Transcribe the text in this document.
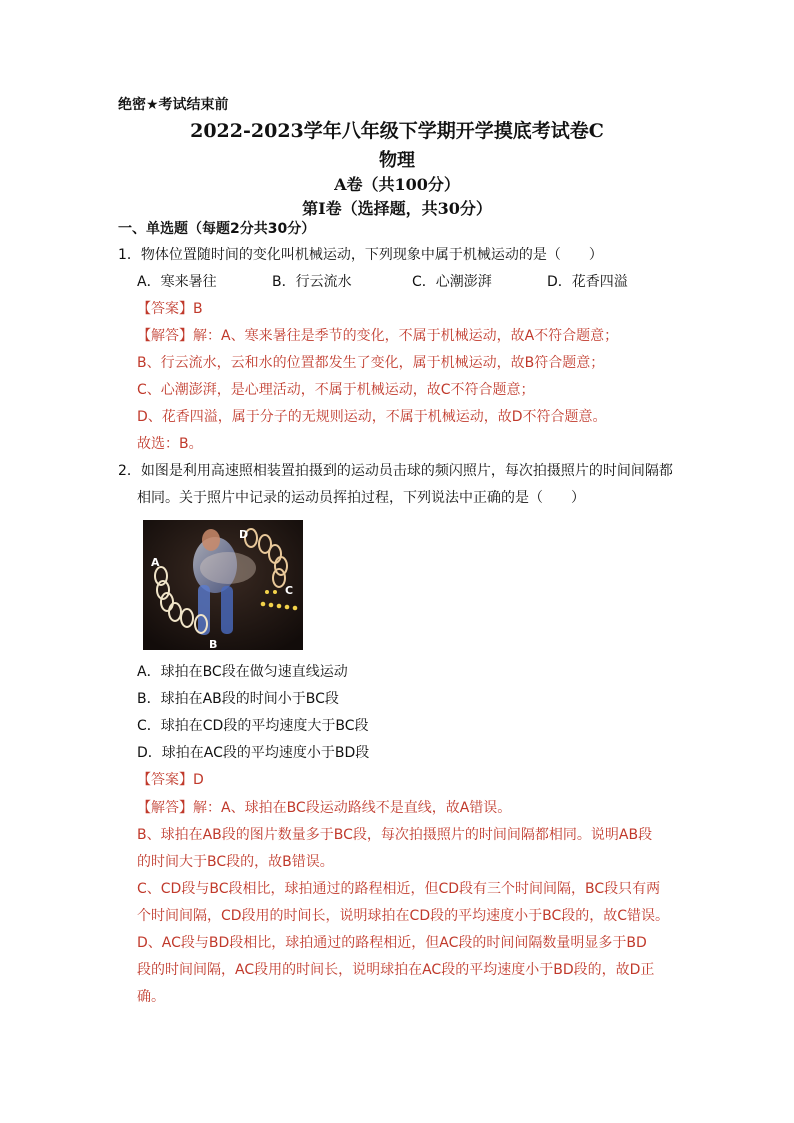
绝密★考试结束前
2022-2023学年八年级下学期开学摸底考试卷C
物理
A卷（共100分）
第Ⅰ卷（选择题，共30分）
一、单选题（每题2分共30分）
1．物体位置随时间的变化叫机械运动，下列现象中属于机械运动的是（　　）
A．寒来暑往	B．行云流水	C．心潮澎湃	D．花香四溢
【答案】B
【解答】解：A、寒来暑往是季节的变化，不属于机械运动，故A不符合题意；
B、行云流水，云和水的位置都发生了变化，属于机械运动，故B符合题意；
C、心潮澎湃，是心理活动，不属于机械运动，故C不符合题意；
D、花香四溢，属于分子的无规则运动，不属于机械运动，故D不符合题意。
故选：B。
2．如图是利用高速照相装置拍摄到的运动员击球的频闪照片，每次拍摄照片的时间间隔都
相同。关于照片中记录的运动员挥拍过程，下列说法中正确的是（　　）
A
B
C
D
A．球拍在BC段在做匀速直线运动
B．球拍在AB段的时间小于BC段
C．球拍在CD段的平均速度大于BC段
D．球拍在AC段的平均速度小于BD段
【答案】D
【解答】解：A、球拍在BC段运动路线不是直线，故A错误。
B、球拍在AB段的图片数量多于BC段，每次拍摄照片的时间间隔都相同。说明AB段
的时间大于BC段的，故B错误。
C、CD段与BC段相比，球拍通过的路程相近，但CD段有三个时间间隔，BC段只有两
个时间间隔，CD段用的时间长，说明球拍在CD段的平均速度小于BC段的，故C错误。
D、AC段与BD段相比，球拍通过的路程相近，但AC段的时间间隔数量明显多于BD
段的时间间隔，AC段用的时间长，说明球拍在AC段的平均速度小于BD段的，故D正
确。
